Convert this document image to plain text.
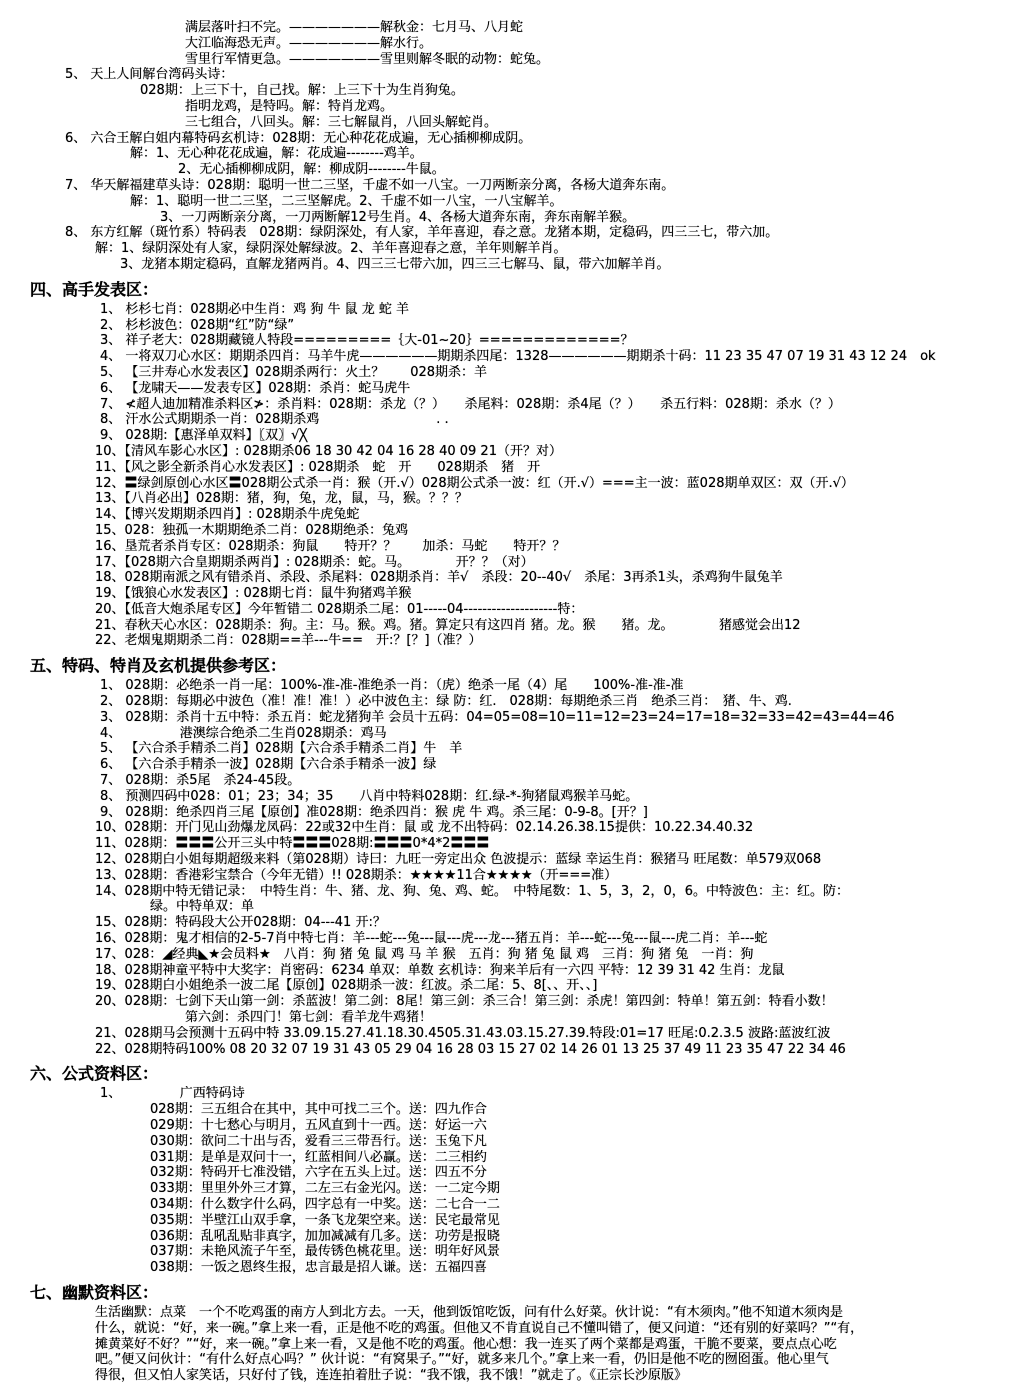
满层落叶扫不完。———————解秋金：七月马、八月蛇
大江临海恐无声。———————解水行。
雪里行军情更急。———————雪里则解冬眠的动物：蛇兔。
5、 天上人间解台湾码头诗：
028期：上三下十，自己找。解：上三下十为生肖狗兔。
指明龙鸡，是特吗。解：特肖龙鸡。
三七组合，八回头。解：三七解鼠肖，八回头解蛇肖。
6、 六合王解白姐内幕特码玄机诗：028期：无心种花花成遍，无心插柳柳成阴。
解：1、无心种花花成遍，解：花成遍--------鸡羊。
2、无心插柳柳成阴，解：柳成阴--------牛鼠。
7、 华天解福建草头诗：028期：聪明一世二三坚，千虚不如一八宝。一刀两断亲分离，各杨大道奔东南。
解：1、聪明一世二三坚，二三坚解虎。2、千虚不如一八宝，一八宝解羊。
3、一刀两断亲分离，一刀两断解12号生肖。4、各杨大道奔东南，奔东南解羊猴。
8、 东方红解（斑竹系）特码表　028期：绿阴深处，有人家，羊年喜迎，春之意。龙猪本期，定稳码，四三三七，带六加。
解：1、绿阴深处有人家，绿阴深处解绿波。2、羊年喜迎春之意，羊年则解羊肖。
3、龙猪本期定稳码，直解龙猪两肖。4、四三三七带六加，四三三七解马、鼠，带六加解羊肖。
四、高手发表区：
1、 杉杉七肖：028期必中生肖：鸡 狗 牛 鼠 龙 蛇 羊
2、 杉杉波色：028期“红”防“绿”
3、 祥子老大：028期藏镜人特段=========｛大-01~20｝=============？
4、 一将双刀心水区：期期杀四肖：马羊牛虎——————期期杀四尾：1328——————期期杀十码：11 23 35 47 07 19 31 43 12 24　ok
5、 【三井寿心水发表区】028期杀两行：火土？　　028期杀：羊
6、 【龙啸天——发表专区】028期：杀肖：蛇马虎牛
7、 ≮超人迪加精准杀料区≯：杀肖料：028期：杀龙（？）　　杀尾料：028期：杀4尾（？）　　杀五行料：028期：杀水（？）
8、 汗水公式期期杀一肖：028期杀鸡　　　　　　　　　. .
9、 028期:【惠泽单双料】〖双〗√╳
10、【清风车影心水区】: 028期杀06 18 30 42 04 16 28 40 09 21（开？对）
11、【风之影全新杀肖心水发表区】: 028期杀　蛇　开　　028期杀　猪　开
12、〓绿剑原创心水区〓028期公式杀一肖：猴（开.√）028期公式杀一波：红（开.√）===主一波：蓝028期单双区：双（开.√）
13、【八肖必出】028期：猪，狗，兔，龙，鼠，马，猴。？？？
14、【博兴发期期杀四肖】: 028期杀牛虎兔蛇
15、028：独孤一木期期绝杀二肖：028期绝杀：兔鸡
16、垦荒者杀肖专区：028期杀：狗鼠　　特开？？　　加杀：马蛇　　特开？？
17、【028期六合皇期期杀两肖】: 028期杀：蛇。马。　　　　开？？（对）
18、028期南派之风有错杀肖、杀段、杀尾料：028期杀肖：羊√　杀段：20--40√　杀尾：3再杀1头，杀鸡狗牛鼠兔羊
19、【饿狼心水发表区】: 028期七肖：鼠牛狗猪鸡羊猴
20、【低音大炮杀尾专区】今年暂错二 028期杀二尾：01-----04--------------------特：
21、春秋天心水区：028期杀：狗。主：马。猴。鸡。猪。算定只有这四肖 猪。龙。猴　　猪。龙。　　　　猪感觉会出12
22、老烟鬼期期杀二肖：028期==羊---牛==　开:？[？]（准？）
五、特码、特肖及玄机提供参考区：
1、 028期：必绝杀一肖一尾：100%-准-准-准绝杀一肖：（虎）绝杀一尾（4）尾　　100%-准-准-准
2、 028期：每期必中波色（准！准！准！）必中波色主：绿 防：红.　028期：每期绝杀三肖　绝杀三肖：　猪、牛、鸡.
3、 028期：杀肖十五中特：杀五肖：蛇龙猪狗羊 会员十五码：04=05=08=10=11=12=23=24=17=18=32=33=42=43=44=46
4、　　　　　港澳综合绝杀二生肖028期杀：鸡马
5、 【六合杀手精杀二肖】028期【六合杀手精杀二肖】牛　羊
6、 【六合杀手精杀一波】028期【六合杀手精杀一波】绿
7、 028期：杀5尾　杀24-45段。
8、 预测四码中028：01；23；34；35　　八肖中特料028期：红.绿-*-狗猪鼠鸡猴羊马蛇。
9、 028期：绝杀四肖三尾【原创】准028期：绝杀四肖：猴 虎 牛 鸡。杀三尾：0-9-8。[开？]
10、028期：开门见山劲爆龙凤码：22或32中生肖：鼠 或 龙不出特码：02.14.26.38.15提供：10.22.34.40.32
11、028期：〓〓〓公开三头中特〓〓〓028期:〓〓〓0*4*2〓〓〓
12、028期白小姐每期超级来料（第028期）诗曰：九旺一旁定出众 色波提示：蓝绿 幸运生肖：猴猪马 旺尾数：单579双068
13、028期：香港彩宝禁合（今年无错）!! 028期杀：★★★★11合★★★★（开===准）
14、028期中特无错记录：　中特生肖：牛、猪、龙、狗、兔、鸡、蛇。　中特尾数：1、5，3，2，0，6。中特波色：主：红。防：
绿。中特单双：单
15、028期：特码段大公开028期：04---41 开:？
16、028期：鬼才相信的2-5-7肖中特七肖：羊---蛇---兔---鼠---虎---龙---猪五肖：羊---蛇---兔---鼠---虎二肖：羊---蛇
17、028：◢经典◣★会员料★　八肖：狗 猪 兔 鼠 鸡 马 羊 猴　五肖：狗 猪 兔 鼠 鸡　三肖：狗 猪 兔　一肖：狗
18、028期神童平特中大奖字：肖密码：6234 单双：单数 玄机诗：狗来羊后有一六四 平特：12 39 31 42 生肖：龙鼠
19、028期白小姐绝杀一波二尾【原创】028期杀一波：红波。杀二尾：5、8[、、开、、]
20、028期：七剑下天山第一剑：杀蓝波！第二剑：8尾！第三剑：杀三合！第三剑：杀虎！第四剑：特单！第五剑：特看小数！
第六剑：杀四门！第七剑：看羊龙牛鸡猪！
21、028期马会预测十五码中特 33.09.15.27.41.18.30.4505.31.43.03.15.27.39.特段:01=17 旺尾:0.2.3.5 波路:蓝波红波
22、028期特码100% 08 20 32 07 19 31 43 05 29 04 16 28 03 15 27 02 14 26 01 13 25 37 49 11 23 35 47 22 34 46
六、公式资料区：
1、　　　　　广西特码诗
028期：三五组合在其中，其中可找二三个。送：四九作合
029期：十七愁心与明月，五风直到十一西。送：好运一六
030期：欲问二十出与否，爱看三三带吾行。送：玉兔下凡
031期：是单是双问十一，红蓝相间八必赢。送：二三相约
032期：特码开七准没错，六字在五头上过。送：四五不分
033期：里里外外三才算，二左三右金光闪。送：一二定今期
034期：什么数字什么码，四字总有一中奖。送：二七合一二
035期：半壁江山双手拿，一条飞龙架空来。送：民宅最常见
036期：乱吼乱贴非真字，加加减减有几多。送：功劳是报晓
037期：未艳风流子午至，最传锈色桃花里。送：明年好风景
038期：一饭之恩终生报，忠言最是招人谦。送：五福四喜
七、幽默资料区：
生活幽默：点菜　一个不吃鸡蛋的南方人到北方去。一天，他到饭馆吃饭，问有什么好菜。伙计说：“有木须肉。”他不知道木须肉是
什么，就说：“好，来一碗。”拿上来一看，正是他不吃的鸡蛋。但他又不肯直说自己不懂叫错了，便又问道：“还有别的好菜吗？”“有，
摊黄菜好不好？”“好，来一碗。”拿上来一看，又是他不吃的鸡蛋。他心想：我一连买了两个菜都是鸡蛋，干脆不要菜，要点点心吃
吧。”便又问伙计：“有什么好点心吗？” 伙计说：“有窝果子。”“好，就多来几个。”拿上来一看，仍旧是他不吃的囫囵蛋。他心里气
得很，但又怕人家笑话，只好付了钱，连连拍着肚子说：“我不饿，我不饿！”就走了。《正宗长沙原版》
